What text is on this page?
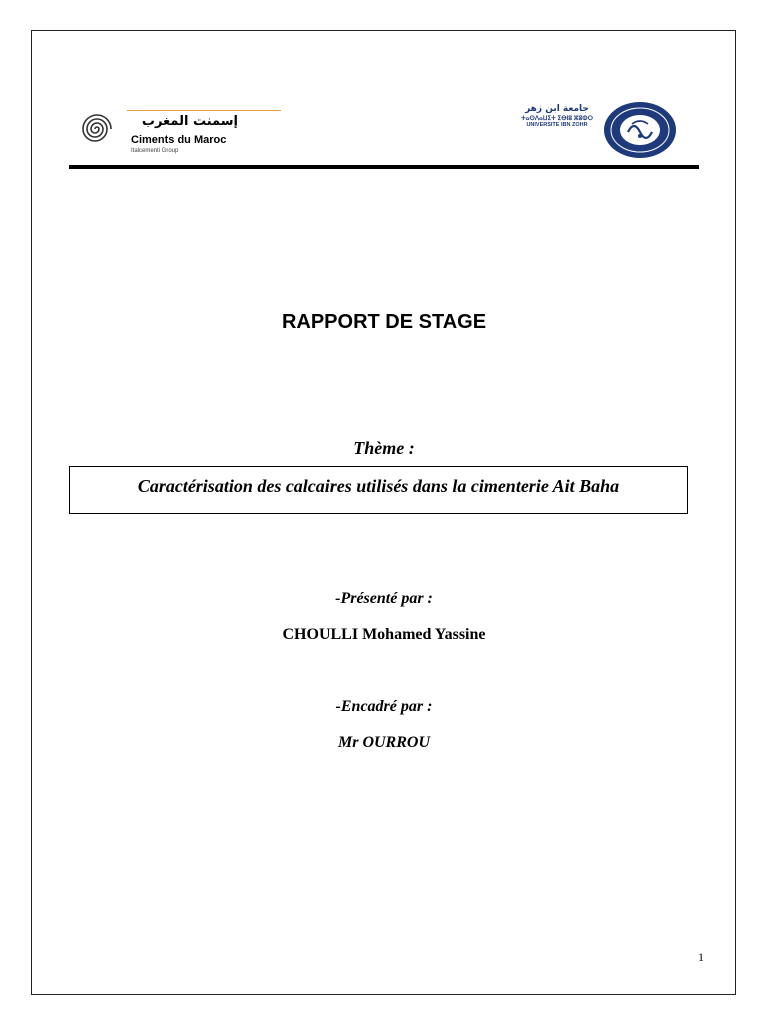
إسمنت المغرب
Ciments du Maroc
Italcementi Group
جامعة ابن زهر
ⵜⴰⵙⴷⴰⵡⵉⵜ ⵉⴱⵏⵓ ⵣⵓⵀⵔ
UNIVERSITE IBN ZOHR
RAPPORT DE STAGE
Thème :
Caractérisation des calcaires utilisés dans la cimenterie Ait Baha
-Présenté par :
CHOULLI Mohamed Yassine
-Encadré par :
Mr OURROU
1
